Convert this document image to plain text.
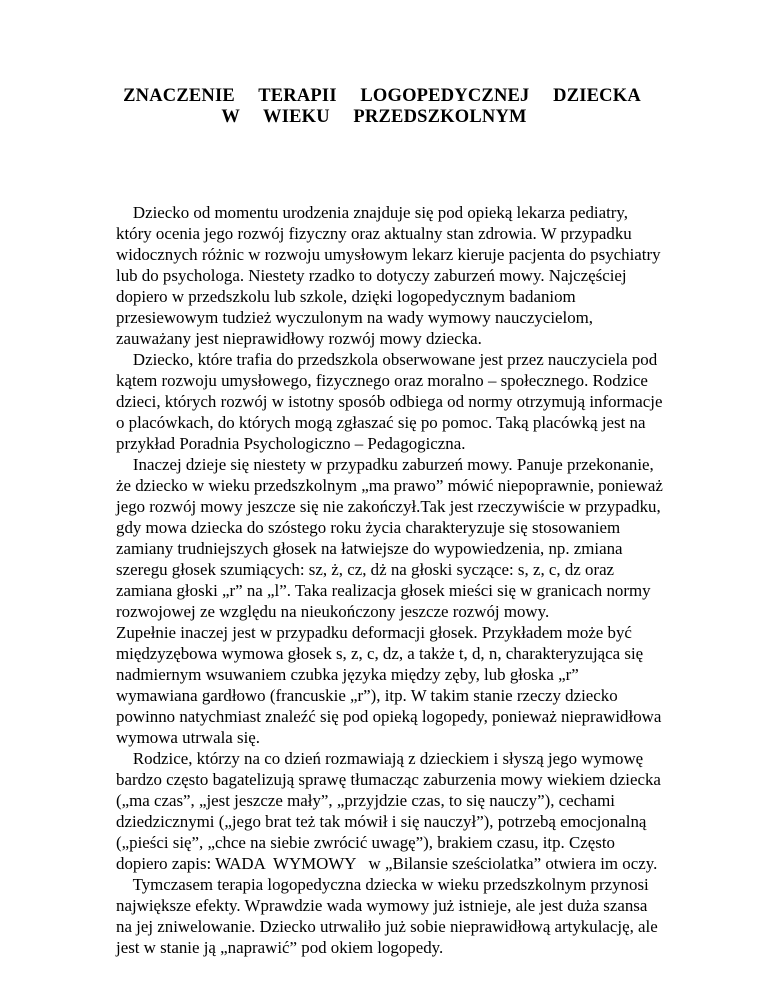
ZNACZENIE  TERAPII  LOGOPEDYCZNEJ  DZIECKA
W  WIEKU  PRZEDSZKOLNYM
Dziecko od momentu urodzenia znajduje się pod opieką lekarza pediatry,
który ocenia jego rozwój fizyczny oraz aktualny stan zdrowia. W przypadku
widocznych różnic w rozwoju umysłowym lekarz kieruje pacjenta do psychiatry
lub do psychologa. Niestety rzadko to dotyczy zaburzeń mowy. Najczęściej
dopiero w przedszkolu lub szkole, dzięki logopedycznym badaniom
przesiewowym tudzież wyczulonym na wady wymowy nauczycielom,
zauważany jest nieprawidłowy rozwój mowy dziecka.
Dziecko, które trafia do przedszkola obserwowane jest przez nauczyciela pod
kątem rozwoju umysłowego, fizycznego oraz moralno – społecznego. Rodzice
dzieci, których rozwój w istotny sposób odbiega od normy otrzymują informacje
o placówkach, do których mogą zgłaszać się po pomoc. Taką placówką jest na
przykład Poradnia Psychologiczno – Pedagogiczna.
Inaczej dzieje się niestety w przypadku zaburzeń mowy. Panuje przekonanie,
że dziecko w wieku przedszkolnym „ma prawo” mówić niepoprawnie, ponieważ
jego rozwój mowy jeszcze się nie zakończył.Tak jest rzeczywiście w przypadku,
gdy mowa dziecka do szóstego roku życia charakteryzuje się stosowaniem
zamiany trudniejszych głosek na łatwiejsze do wypowiedzenia, np. zmiana
szeregu głosek szumiących: sz, ż, cz, dż na głoski syczące: s, z, c, dz oraz
zamiana głoski „r” na „l”. Taka realizacja głosek mieści się w granicach normy
rozwojowej ze względu na nieukończony jeszcze rozwój mowy.
Zupełnie inaczej jest w przypadku deformacji głosek. Przykładem może być
międzyzębowa wymowa głosek s, z, c, dz, a także t, d, n, charakteryzująca się
nadmiernym wsuwaniem czubka języka między zęby, lub głoska „r”
wymawiana gardłowo (francuskie „r”), itp. W takim stanie rzeczy dziecko
powinno natychmiast znaleźć się pod opieką logopedy, ponieważ nieprawidłowa
wymowa utrwala się.
Rodzice, którzy na co dzień rozmawiają z dzieckiem i słyszą jego wymowę
bardzo często bagatelizują sprawę tłumacząc zaburzenia mowy wiekiem dziecka
(„ma czas”, „jest jeszcze mały”, „przyjdzie czas, to się nauczy”), cechami
dziedzicznymi („jego brat też tak mówił i się nauczył”), potrzebą emocjonalną
(„pieści się”, „chce na siebie zwrócić uwagę”), brakiem czasu, itp. Często
dopiero zapis: WADA  WYMOWY   w „Bilansie sześciolatka” otwiera im oczy.
Tymczasem terapia logopedyczna dziecka w wieku przedszkolnym przynosi
największe efekty. Wprawdzie wada wymowy już istnieje, ale jest duża szansa
na jej zniwelowanie. Dziecko utrwaliło już sobie nieprawidłową artykulację, ale
jest w stanie ją „naprawić” pod okiem logopedy.
